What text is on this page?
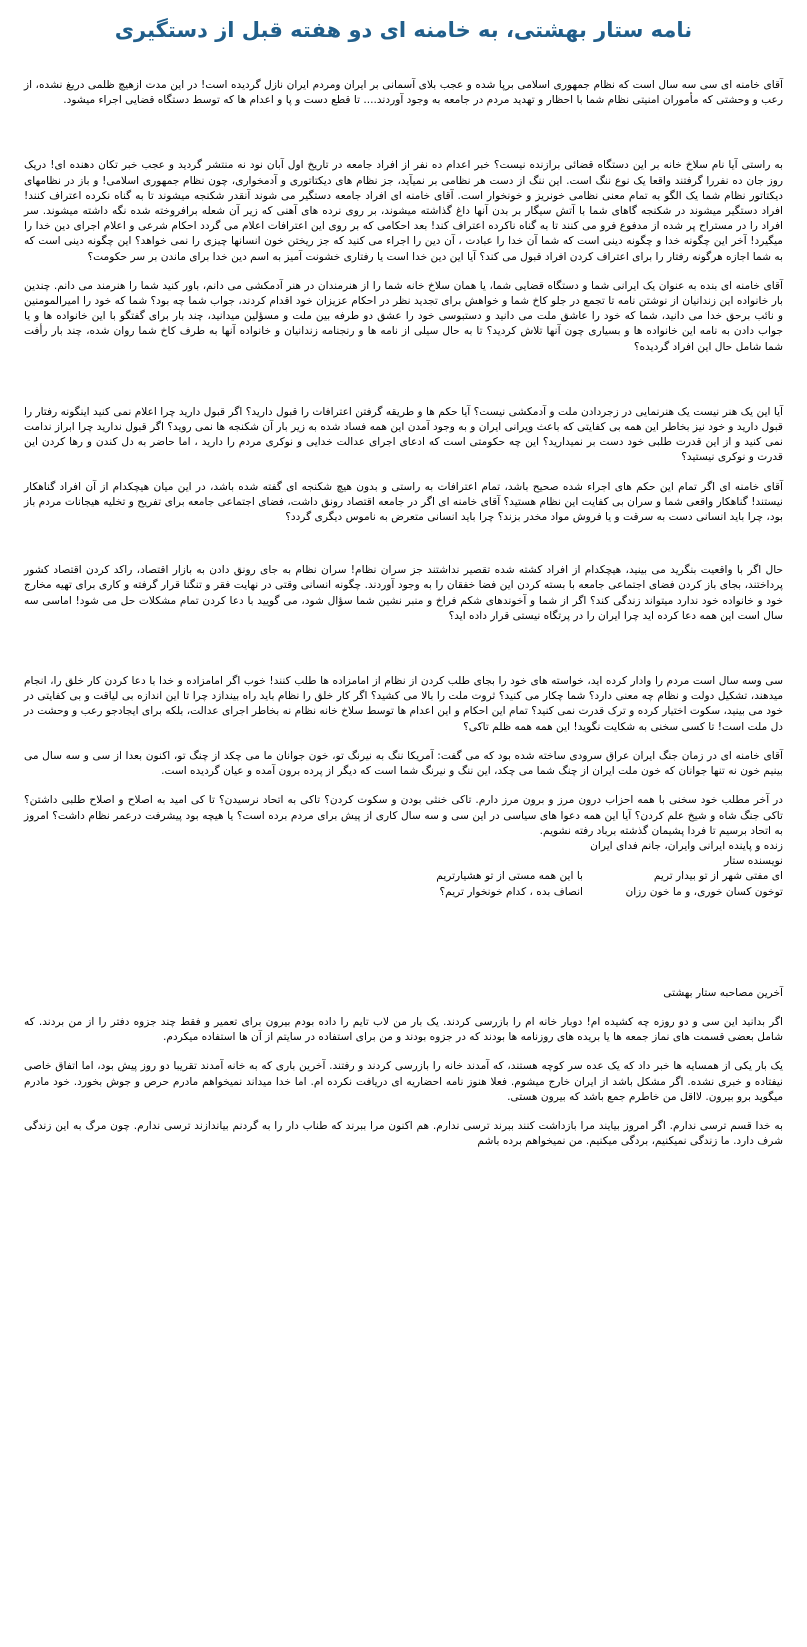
نامه ستار بهشتی، به خامنه ای دو هفته قبل از دستگیری

آقای خامنه ای سی سه سال است که نظام جمهوری اسلامی برپا شده و عجب بلای آسمانی بر ایران ومردم ایران نازل گردیده است! در این مدت ازهیچ ظلمی دریغ نشده، از رعب و وحشتی که مأموران امنیتی نظام شما با احظار و تهدید مردم در جامعه به وجود آوردند.... تا قطع دست و پا و اعدام ها که توسط دستگاه قضایی اجراء میشود.

به راستی آیا نام سلاخ خانه بر این دستگاه قضائی برازنده نیست؟ خبر اعدام ده نفر از افراد جامعه در تاریخ اول آبان نود نه منتشر گردید و عجب خبر تکان دهنده ای! دریک روز جان ده نفررا گرفتند واقعا یک نوع ننگ است. این ننگ از دست هر نظامی بر نمیآید، جز نظام های دیکتاتوری و آدمخواری، چون نظام جمهوری اسلامی! و باز در نظامهای دیکتاتور نظام شما یک الگو به تمام معنی نظامی خونریز و خونخوار است. آقای خامنه ای افراد جامعه دستگیر می شوند آنقدر شکنجه میشوند تا به گناه نکرده اعتراف کنند! افراد دستگیر میشوند در شکنجه گاهای شما با آتش سیگار بر بدن آنها داغ گذاشته میشوند، بر روی نرده های آهنی که زیر آن شعله برافروخته شده نگه داشته میشوند. سر افراد را در مستراح پر شده از مدفوع فرو می کنند تا به گناه ناکرده اعتراف کند! بعد احکامی که بر روی این اعترافات اعلام می گردد احکام شرعی و اعلام اجرای دین خدا را میگیرد! آخر این چگونه خدا و چگونه دینی است که شما آن خدا را عبادت ، آن دین را اجراء می کنید که جز ریختن خون انسانها چیزی را نمی خواهد؟ این چگونه دینی است که به شما اجازه هرگونه رفتار را برای اعتراف کردن افراد قبول می کند؟ آیا این دین خدا است یا رفتاری خشونت آمیز به اسم دین خدا برای ماندن بر سر حکومت؟

آقای خامنه ای بنده به عنوان یک ایرانی شما و دستگاه قضایی شما، یا همان سلاخ خانه شما را از هنرمندان در هنر آدمکشی می دانم، باور کنید شما را هنرمند می دانم. چندین بار خانواده این زندانیان از نوشتن نامه تا تجمع در جلو کاخ شما و خواهش برای تجدید نظر در احکام عزیزان خود اقدام کردند، جواب شما چه بود؟ شما که خود را امیرالمومنین و نائب برحق خدا می دانید، شما که خود را عاشق ملت می دانید و دستبوسی خود را عشق دو طرفه بین ملت و مسؤلین میدانید، چند بار برای گفتگو با این خانواده ها و یا جواب دادن به نامه این خانواده ها و بسیاری چون آنها تلاش کردید؟ تا به حال سیلی از نامه ها و رنجنامه زندانیان و خانواده آنها به طرف کاخ شما روان شده، چند بار رأفت شما شامل حال این افراد گردیده؟

آیا این یک هنر نیست یک هنرنمایی در زجردادن ملت و آدمکشی نیست؟ آیا حکم ها و طریقه گرفتن اعترافات را قبول دارید؟ اگر قبول دارید چرا اعلام نمی کنید اینگونه رفتار را قبول دارید و خود نیز بخاطر این همه بی کفایتی که باعث ویرانی ایران و به وجود آمدن این همه فساد شده به زیر بار آن شکنجه ها نمی روید؟ اگر قبول ندارید چرا ابراز ندامت نمی کنید و از این قدرت طلبی خود دست بر نمیدارید؟ این چه حکومتی است که ادعای اجرای عدالت خدایی و نوکری مردم را دارید ، اما حاضر به دل کندن و رها کردن این قدرت و نوکری نیستید؟

آقای خامنه ای اگر تمام این حکم های اجراء شده صحیح باشد، تمام اعترافات به راستی و بدون هیچ شکنجه ای گفته شده باشد، در این میان هیچکدام از آن افراد گناهکار نیستند! گناهکار واقعی شما و سران بی کفایت این نظام هستید؟ آقای خامنه ای اگر در جامعه اقتصاد رونق داشت، فضای اجتماعی جامعه برای تفریح و تخلیه هیجانات مردم باز بود، چرا باید انسانی دست به سرقت و یا فروش مواد مخدر بزند؟ چرا باید انسانی متعرض به ناموس دیگری گردد؟

حال اگر با واقعیت بنگرید می بینید، هیچکدام از افراد کشته شده تقصیر نداشتند جز سران نظام! سران نظام به جای رونق دادن به بازار اقتصاد، راکد کردن اقتصاد کشور پرداختند، بجای باز کردن فضای اجتماعی جامعه با بسته کردن این فضا خفقان را به وجود آوردند. چگونه انسانی وقتی در نهایت فقر و تنگنا قرار گرفته و کاری برای تهیه مخارج خود و خانواده خود ندارد میتواند زندگی کند؟ اگر از شما و آخوندهای شکم فراخ و منبر نشین شما سؤال شود، می گویید با دعا کردن تمام مشکلات حل می شود! اماسی سه سال است این همه دعا کرده اید چرا ایران را در پرتگاه نیستی قرار داده اید؟

سی وسه سال است مردم را وادار کرده اید، خواسته های خود را بجای طلب کردن از نظام از امامزاده ها طلب کنند! خوب اگر امامزاده و خدا با دعا کردن کار خلق را، انجام میدهند، تشکیل دولت و نظام چه معنی دارد؟ شما چکار می کنید؟ ثروت ملت را بالا می کشید؟ اگر کار خلق را نظام باید راه بیندازد چرا تا این اندازه بی لیاقت و بی کفایتی در خود می بینید، سکوت اختیار کرده و ترک قدرت نمی کنید؟ تمام این احکام و این اعدام ها توسط سلاخ خانه نظام نه بخاطر اجرای عدالت، بلکه برای ایجادجو رعب و وحشت در دل ملت است! تا کسی سخنی به شکایت نگوید! این همه همه ظلم تاکی؟

آقای خامنه ای در زمان جنگ ایران عراق سرودی ساخته شده بود که می گفت: آمریکا ننگ به نیرنگ تو، خون جوانان ما می چکد از چنگ تو، اکنون بعدا از سی و سه سال می بینیم خون نه تنها جوانان که خون ملت ایران از چنگ شما می چکد، این ننگ و نیرنگ شما است که دیگر از پرده برون آمده و عیان گردیده است.

در آخر مطلب خود سخنی با همه احزاب درون مرز و برون مرز دارم. تاکی خنثی بودن و سکوت کردن؟ تاکی به اتحاد نرسیدن؟ تا کی امید به اصلاح و اصلاح طلبی داشتن؟ تاکی جنگ شاه و شیخ علم کردن؟ آیا این همه دعوا های سیاسی در این سی و سه سال کاری از پیش برای مردم برده است؟ یا هیچه بود پیشرفت درعمر نظام داشت؟ امروز به اتحاد برسیم تا فردا پشیمان گذشته برباد رفته نشویم.

زنده و پاینده ایرانی وایران، جانم فدای ایران

نویسنده ستار

ای مفتی شهر از تو بیدار تریم
با این همه مستی از تو هشیارتریم
توخون کسان خوری، و ما خون رزان
انصاف بده ، کدام خونخوار تریم؟

آخرین مصاحبه ستار بهشتی

اگر بدانید این سی و دو روزه چه کشیده ام! دوبار خانه ام را بازرسی کردند. یک بار من لاب تایم را داده بودم بیرون برای تعمیر و فقط چند جزوه دفتر را از من بردند. که شامل بعضی قسمت های نماز جمعه ها یا بریده های روزنامه ها بودند که در جزوه بودند و من برای استفاده در سایتم از آن ها استفاده میکردم.

یک بار یکی از همسایه ها خبر داد که یک عده سر کوچه هستند، که آمدند خانه را بازرسی کردند و رفتند. آخرین باری که به خانه آمدند تقریبا دو روز پیش بود، اما اتفاق خاصی نیفتاده و خبری نشده. اگر مشکل باشد از ایران خارج میشوم. فعلا هنوز نامه احضاریه ای دریافت نکرده ام. اما خدا میداند نمیخواهم مادرم حرص و جوش بخورد. خود مادرم میگوید برو بیرون. لااقل من خاطرم جمع باشد که بیرون هستی.

به خدا قسم ترسی ندارم. اگر امروز بیایند مرا بازداشت کنند ببرند ترسی ندارم. هم اکنون مرا ببرند که طناب دار را به گردنم بیاندازند ترسی ندارم. چون مرگ به این زندگی شرف دارد. ما زندگی نمیکنیم، بردگی میکنیم. من نمیخواهم برده باشم
